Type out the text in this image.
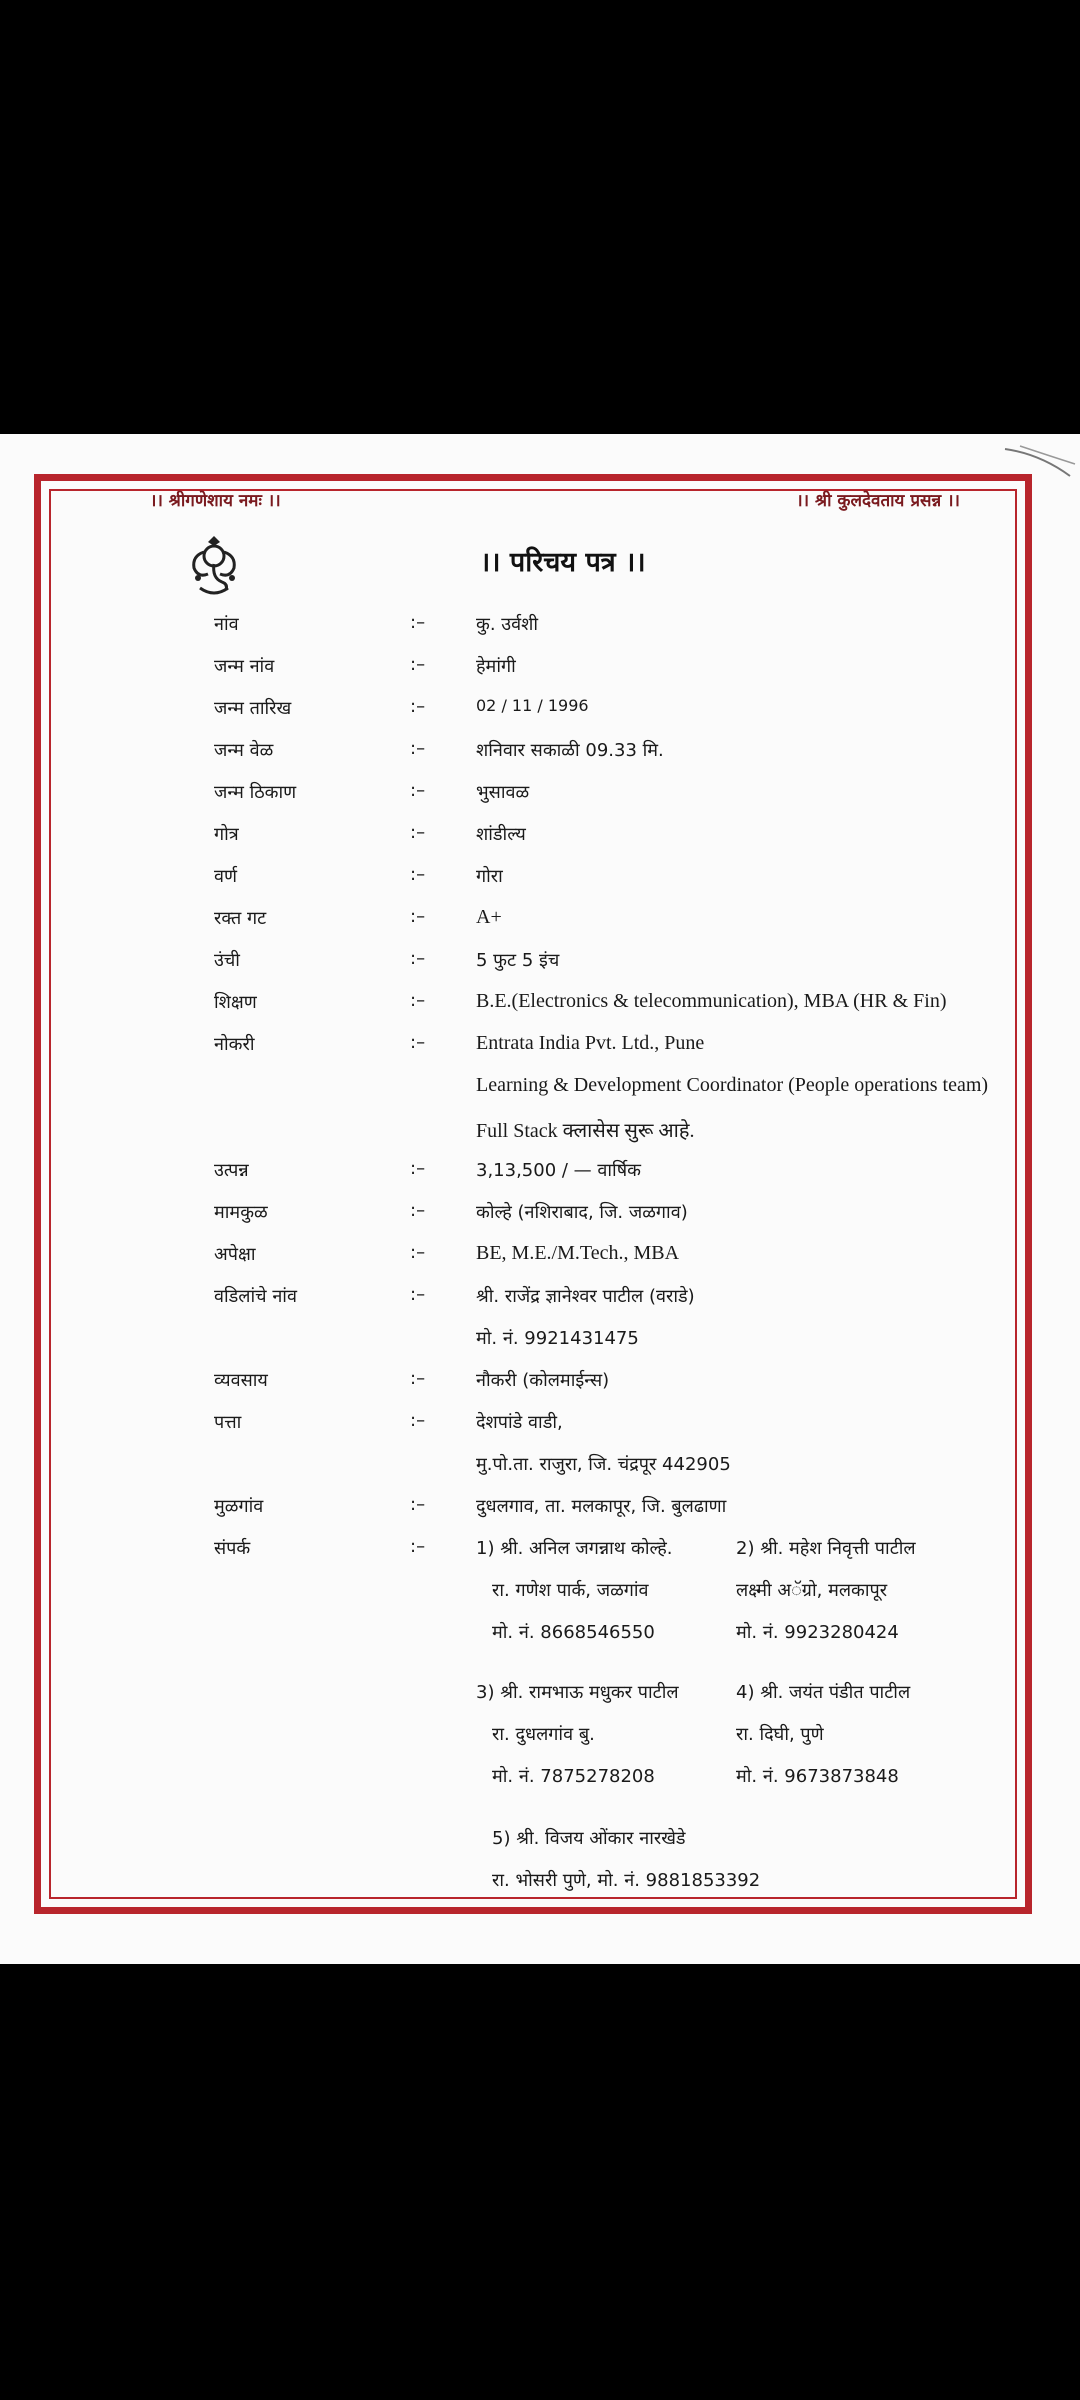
।। श्रीगणेशाय नमः ।।	।। श्री कुलदेवताय प्रसन्न ।।
।। परिचय पत्र ।।
नांव	:–	कु. उर्वशी
जन्म नांव	:–	हेमांगी
जन्म तारिख	:–	02 / 11 / 1996
जन्म वेळ	:–	शनिवार सकाळी 09.33 मि.
जन्म ठिकाण	:–	भुसावळ
गोत्र	:–	शांडील्य
वर्ण	:–	गोरा
रक्त गट	:–	A+
उंची	:–	5 फुट 5 इंच
शिक्षण	:–	B.E.(Electronics & telecommunication), MBA (HR & Fin)
नोकरी	:–	Entrata India Pvt. Ltd., Pune
Learning & Development Coordinator (People operations team)
Full Stack क्लासेस सुरू आहे.
उत्पन्न	:–	3,13,500 / — वार्षिक
मामकुळ	:–	कोल्हे (नशिराबाद, जि. जळगाव)
अपेक्षा	:–	BE, M.E./M.Tech., MBA
वडिलांचे नांव	:–	श्री. राजेंद्र ज्ञानेश्वर पाटील (वराडे)
मो. नं. 9921431475
व्यवसाय	:–	नौकरी (कोलमाईन्स)
पत्ता	:–	देशपांडे वाडी,
मु.पो.ता. राजुरा, जि. चंद्रपूर 442905
मुळगांव	:–	दुधलगाव, ता. मलकापूर, जि. बुलढाणा
संपर्क	:–	1) श्री. अनिल जगन्नाथ कोल्हे.
रा. गणेश पार्क, जळगांव
मो. नं. 8668546550
2) श्री. महेश निवृत्ती पाटील
लक्ष्मी अॅग्रो, मलकापूर
मो. नं. 9923280424
3) श्री. रामभाऊ मधुकर पाटील
रा. दुधलगांव बु.
मो. नं. 7875278208
4) श्री. जयंत पंडीत पाटील
रा. दिघी, पुणे
मो. नं. 9673873848
5) श्री. विजय ओंकार नारखेडे
रा. भोसरी पुणे, मो. नं. 9881853392
